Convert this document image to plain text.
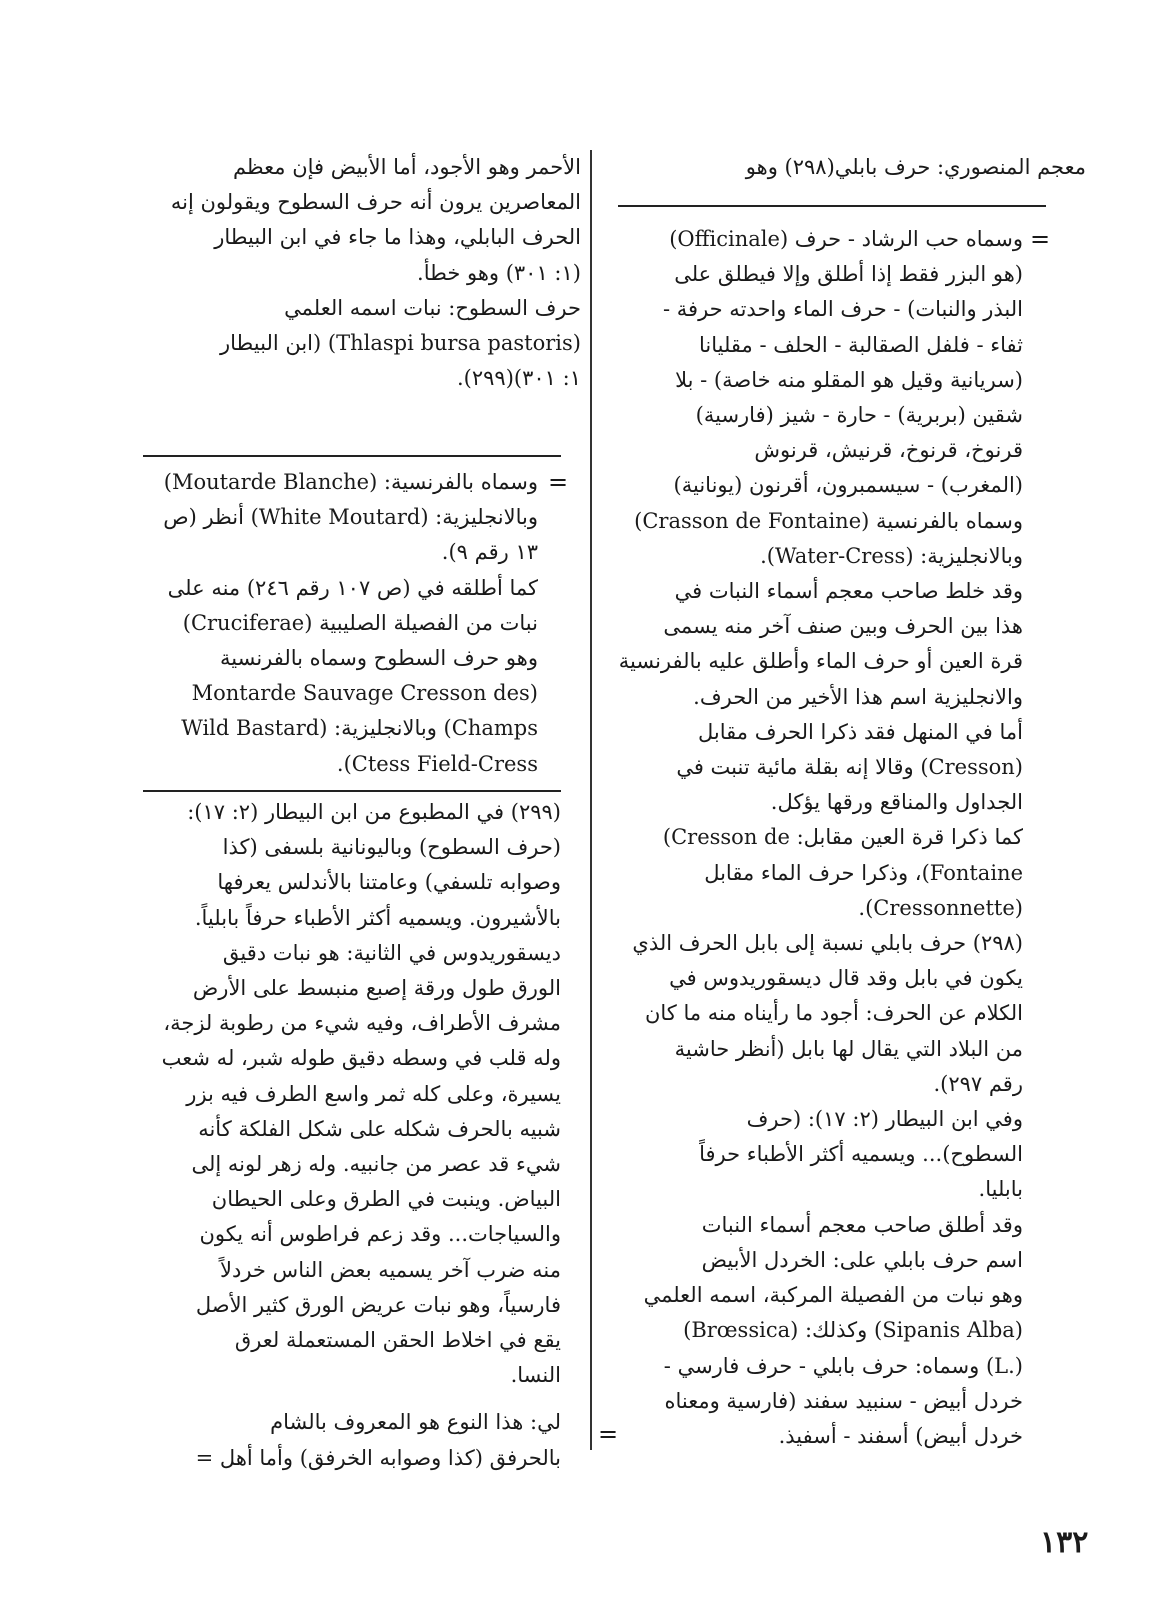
معجم المنصوري: حرف بابلي(٢٩٨) وهو

=

وسماه حب الرشاد - حرف (Officinale)

(هو البزر فقط إذا أطلق وإلا فيطلق على

البذر والنبات) - حرف الماء واحدته حرفة -

ثفاء - فلفل الصقالبة - الحلف - مقليانا

(سريانية وقيل هو المقلو منه خاصة) - بلا

شقين (بربرية) - حارة - شيز (فارسية)

قرنوخ، قرنوخ، قرنيش، قرنوش

(المغرب) - سيسمبرون، أقرنون (يونانية)

وسماه بالفرنسية (Crasson de Fontaine)

وبالانجليزية: (Water-Cress).

وقد خلط صاحب معجم أسماء النبات في

هذا بين الحرف وبين صنف آخر منه يسمى

قرة العين أو حرف الماء وأطلق عليه بالفرنسية

والانجليزية اسم هذا الأخير من الحرف.

أما في المنهل فقد ذكرا الحرف مقابل

(Cresson) وقالا إنه بقلة مائية تنبت في

الجداول والمناقع ورقها يؤكل.

كما ذكرا قرة العين مقابل: Cresson de)

Fontaine)، وذكرا حرف الماء مقابل

(Cressonnette).

(٢٩٨) حرف بابلي نسبة إلى بابل الحرف الذي

يكون في بابل وقد قال ديسقوريدوس في

الكلام عن الحرف: أجود ما رأيناه منه ما كان

من البلاد التي يقال لها بابل (أنظر حاشية

رقم ٢٩٧).

وفي ابن البيطار (٢: ١٧): (حرف

السطوح)... ويسميه أكثر الأطباء حرفاً

بابليا.

وقد أطلق صاحب معجم أسماء النبات

اسم حرف بابلي على: الخردل الأبيض

وهو نبات من الفصيلة المركبة، اسمه العلمي

(Sipanis Alba) وكذلك: (Brœssica)

(.L) وسماه: حرف بابلي - حرف فارسي -

خردل أبيض - سنبيد سفند (فارسية ومعناه

خردل أبيض) أسفند - أسفيذ.

=

الأحمر وهو الأجود، أما الأبيض فإن معظم

المعاصرين يرون أنه حرف السطوح ويقولون إنه

الحرف البابلي، وهذا ما جاء في ابن البيطار

(١: ٣٠١) وهو خطأ.

حرف السطوح: نبات اسمه العلمي

(Thlaspi bursa pastoris) (ابن البيطار

١: ٣٠١)(٢٩٩).

=

وسماه بالفرنسية: (Moutarde Blanche)

وبالانجليزية: (White Moutard) أنظر (ص

١٣ رقم ٩).

كما أطلقه في (ص ١٠٧ رقم ٢٤٦) منه على

نبات من الفصيلة الصليبية (Cruciferae)

وهو حرف السطوح وسماه بالفرنسية

(Montarde Sauvage Cresson des

Champs) وبالانجليزية: (Wild Bastard

Ctess Field-Cress).

(٢٩٩) في المطبوع من ابن البيطار (٢: ١٧):

(حرف السطوح) وباليونانية بلسفى (كذا

وصوابه تلسفي) وعامتنا بالأندلس يعرفها

بالأشيرون. ويسميه أكثر الأطباء حرفاً بابلياً.

ديسقوريدوس في الثانية: هو نبات دقيق

الورق طول ورقة إصبع منبسط على الأرض

مشرف الأطراف، وفيه شيء من رطوبة لزجة،

وله قلب في وسطه دقيق طوله شبر، له شعب

يسيرة، وعلى كله ثمر واسع الطرف فيه بزر

شبيه بالحرف شكله على شكل الفلكة كأنه

شيء قد عصر من جانبيه. وله زهر لونه إلى

البياض. وينبت في الطرق وعلى الحيطان

والسياجات... وقد زعم فراطوس أنه يكون

منه ضرب آخر يسميه بعض الناس خردلاً

فارسياً، وهو نبات عريض الورق كثير الأصل

يقع في اخلاط الحقن المستعملة لعرق

النسا.

لي: هذا النوع هو المعروف بالشام

بالحرفق (كذا وصوابه الخرفق) وأما أهل =

١٣٢
